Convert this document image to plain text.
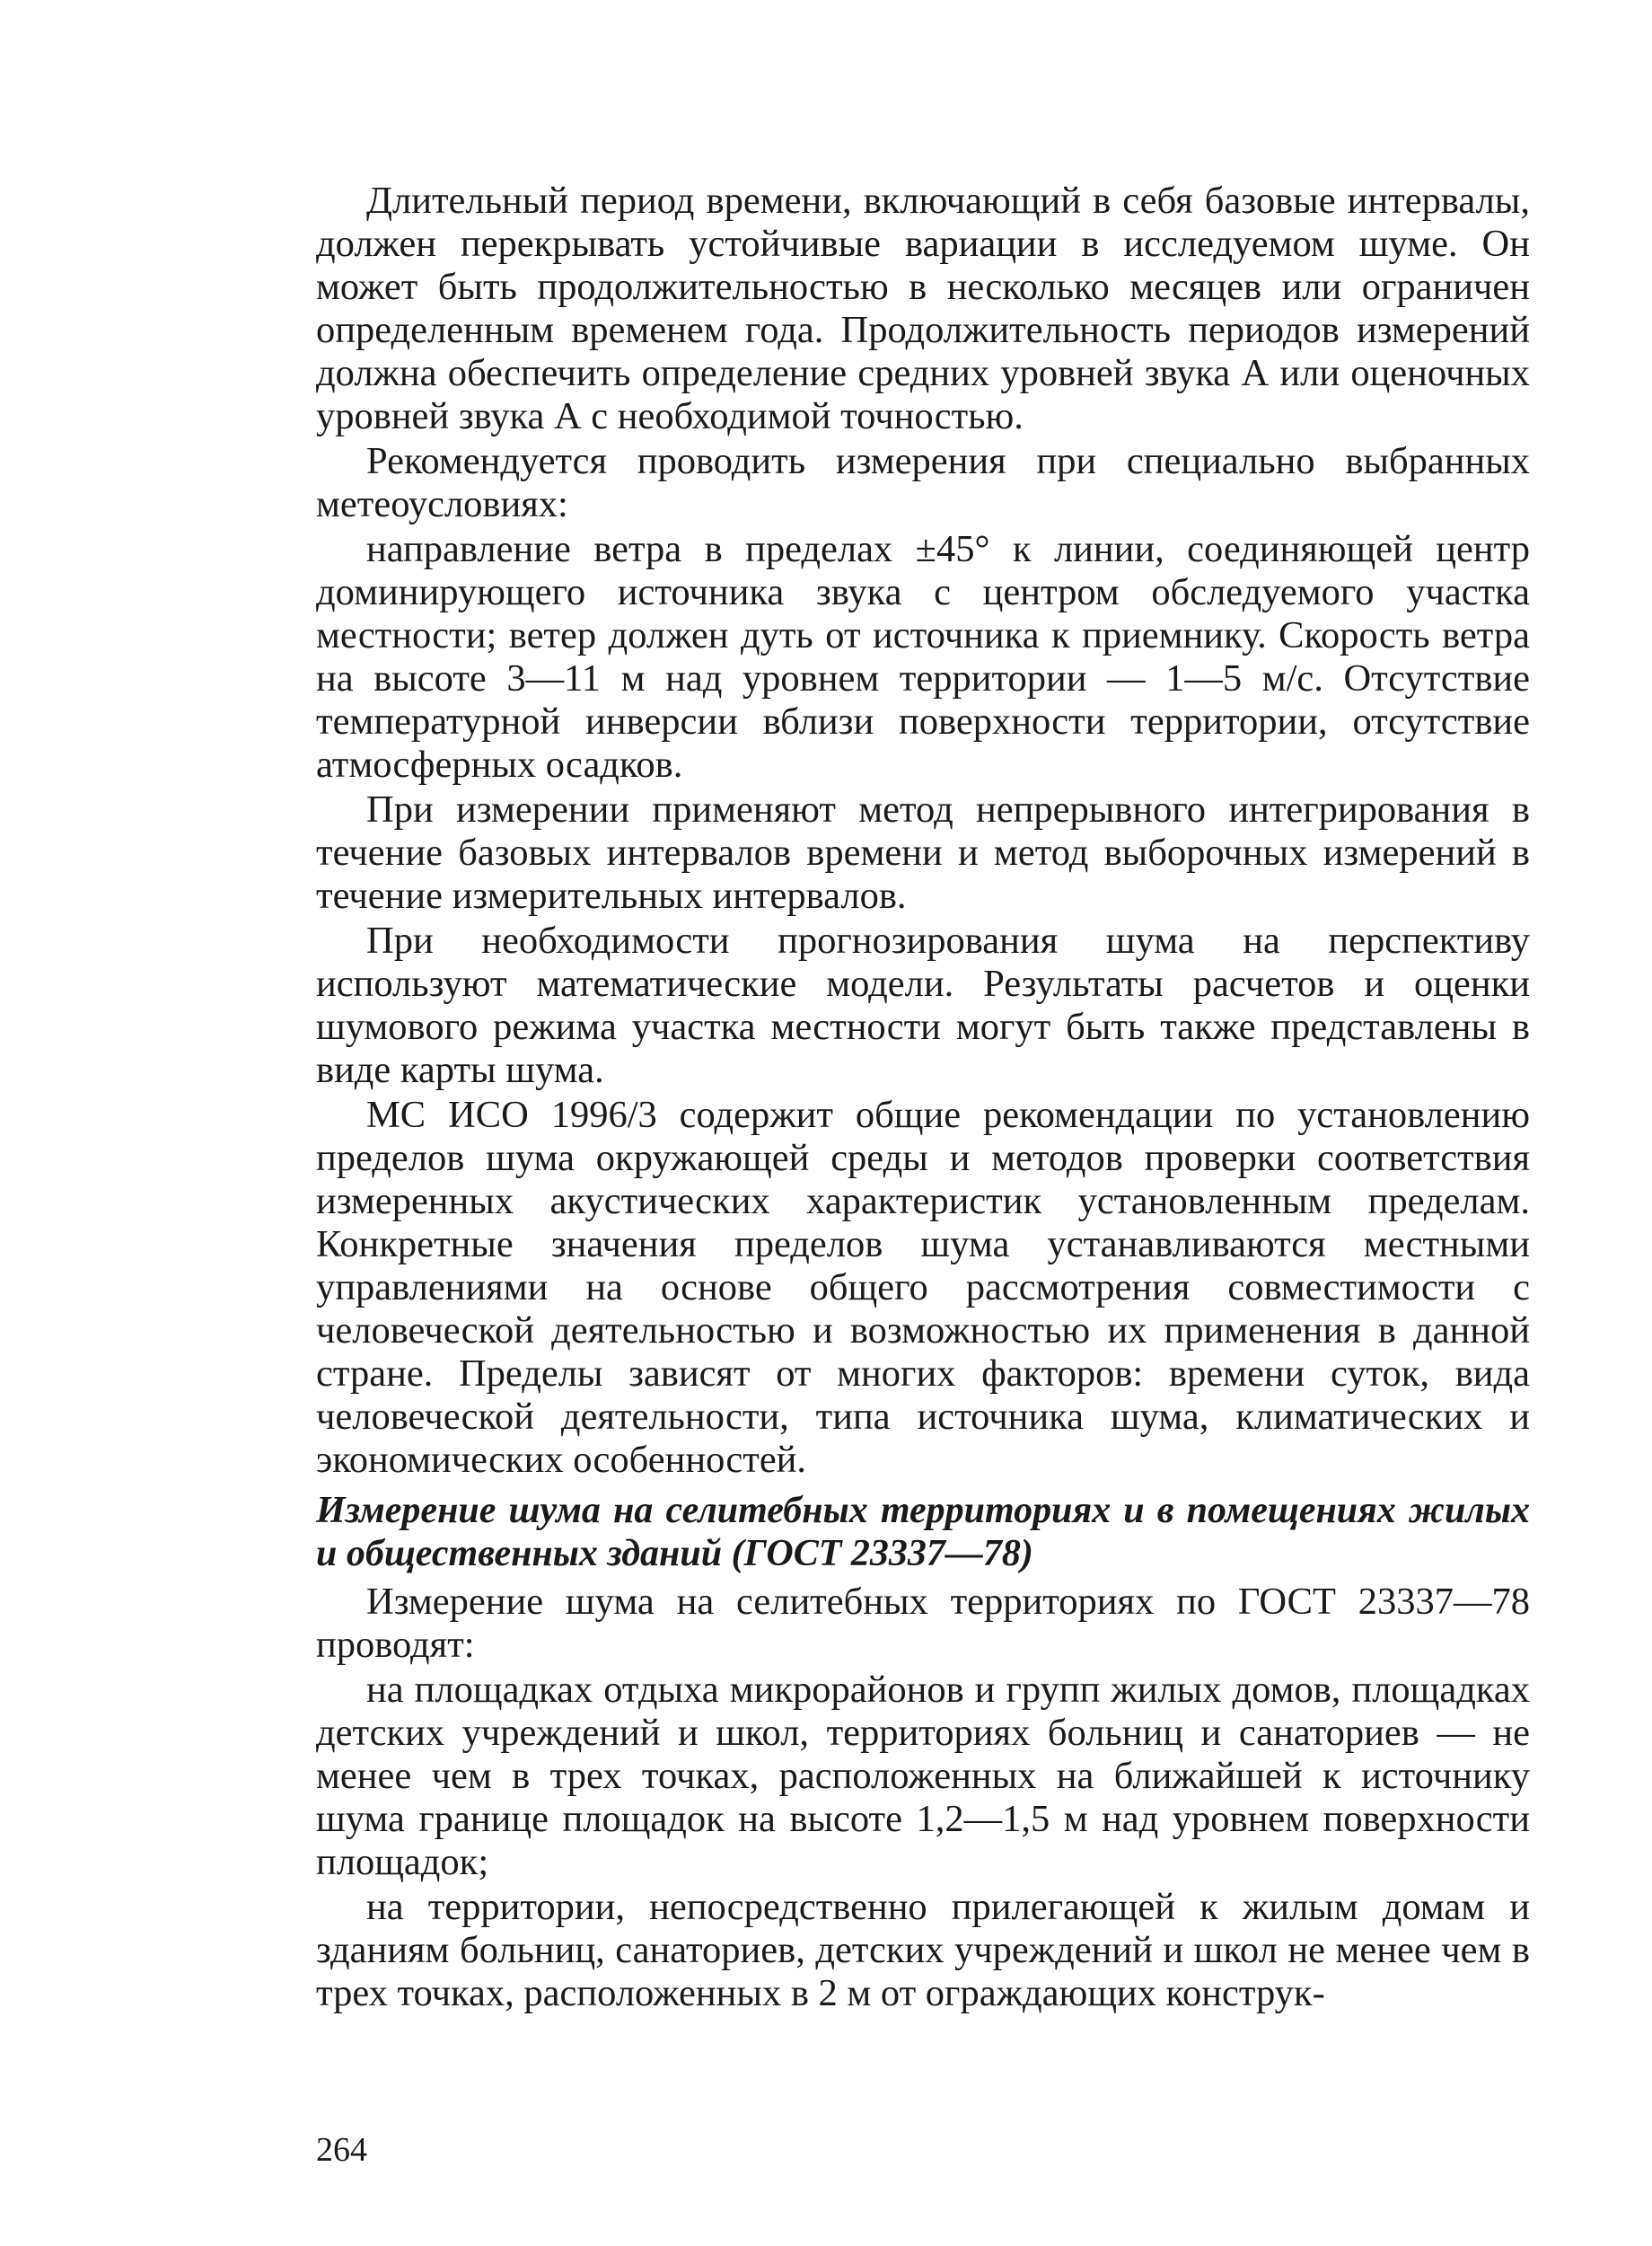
Длительный период времени, включающий в себя базовые интервалы, должен перекрывать устойчивые вариации в исследуемом шуме. Он может быть продолжительностью в несколько месяцев или ограничен определенным временем года. Продолжительность периодов измерений должна обеспечить определение средних уровней звука А или оценочных уровней звука А с необходимой точностью.

Рекомендуется проводить измерения при специально выбранных метеоусловиях:

направление ветра в пределах ±45° к линии, соединяющей центр доминирующего источника звука с центром обследуемого участка местности; ветер должен дуть от источника к приемнику. Скорость ветра на высоте 3—11 м над уровнем территории — 1—5 м/с. Отсутствие температурной инверсии вблизи поверхности территории, отсутствие атмосферных осадков.

При измерении применяют метод непрерывного интегрирования в течение базовых интервалов времени и метод выборочных измерений в течение измерительных интервалов.

При необходимости прогнозирования шума на перспективу используют математические модели. Результаты расчетов и оценки шумового режима участка местности могут быть также представлены в виде карты шума.

МС ИСО 1996/3 содержит общие рекомендации по установлению пределов шума окружающей среды и методов проверки соответствия измеренных акустических характеристик установленным пределам. Конкретные значения пределов шума устанавливаются местными управлениями на основе общего рассмотрения совместимости с человеческой деятельностью и возможностью их применения в данной стране. Пределы зависят от многих факторов: времени суток, вида человеческой деятельности, типа источника шума, климатических и экономических особенностей.

Измерение шума на селитебных территориях и в помещениях жилых и общественных зданий (ГОСТ 23337—78)

Измерение шума на селитебных территориях по ГОСТ 23337—78 проводят:

на площадках отдыха микрорайонов и групп жилых домов, площадках детских учреждений и школ, территориях больниц и санаториев — не менее чем в трех точках, расположенных на ближайшей к источнику шума границе площадок на высоте 1,2—1,5 м над уровнем поверхности площадок;

на территории, непосредственно прилегающей к жилым домам и зданиям больниц, санаториев, детских учреждений и школ не менее чем в трех точках, расположенных в 2 м от ограждающих конструк-

264
